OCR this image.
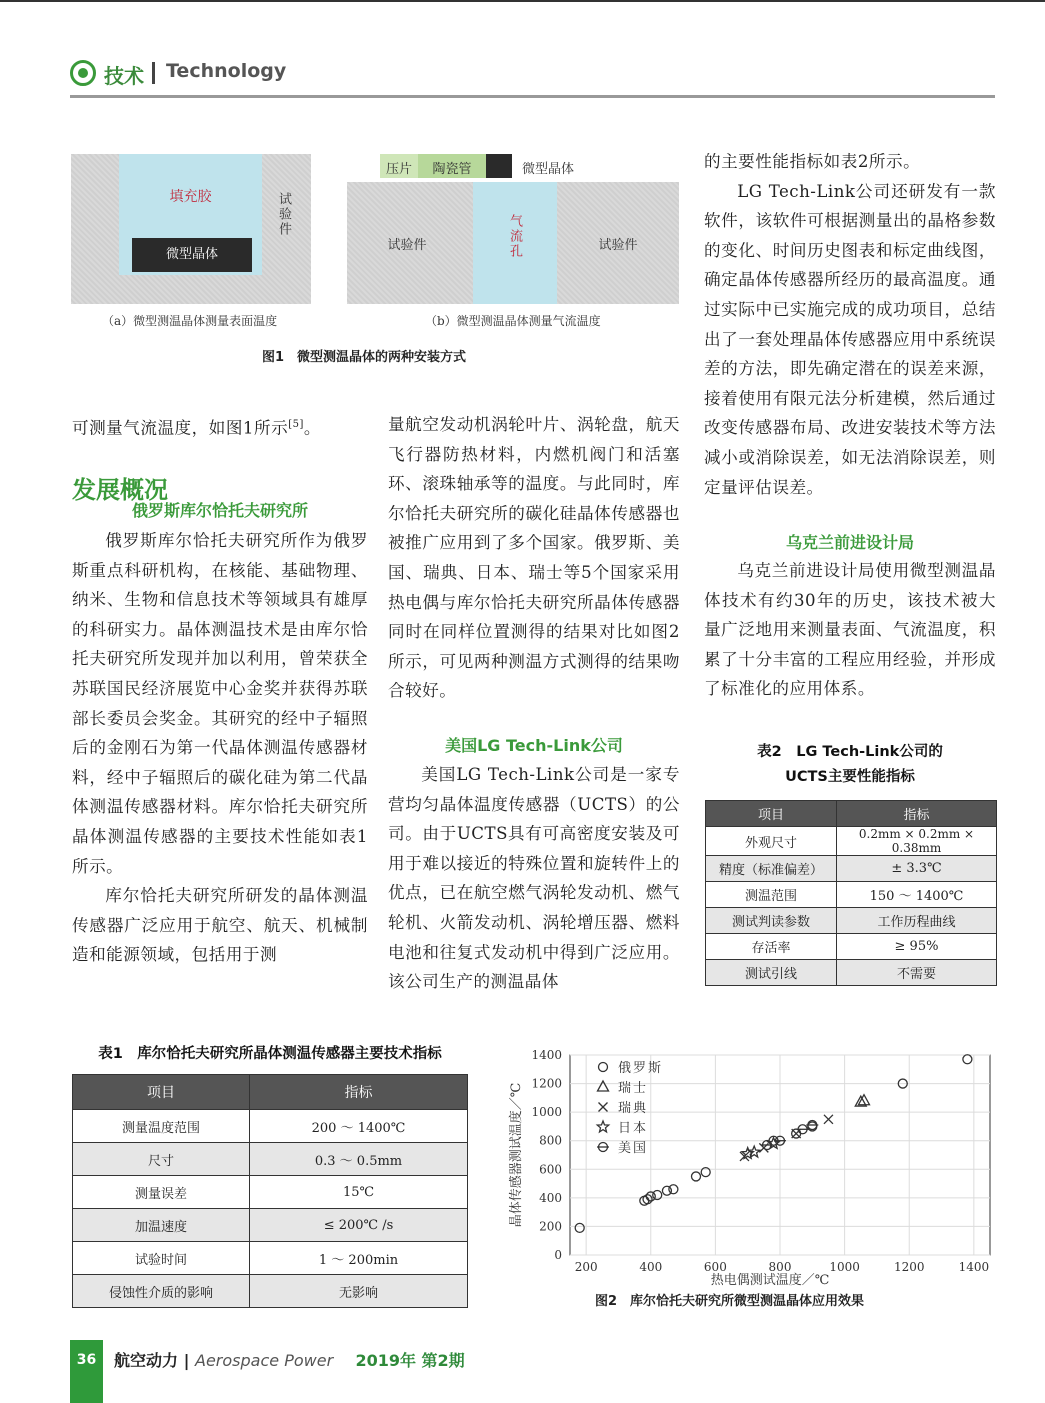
技术 Technology
填充胶
微型晶体
试验件
（a）微型测温晶体测量表面温度
压片	陶瓷管	微型晶体
试验件	气流孔	试验件
（b）微型测温晶体测量气流温度
图1　微型测温晶体的两种安装方式

可测量气流温度，如图1所示[5]。

发展概况
俄罗斯库尔恰托夫研究所

俄罗斯库尔恰托夫研究所作为俄罗斯重点科研机构，在核能、基础物理、纳米、生物和信息技术等领域具有雄厚的科研实力。晶体测温技术是由库尔恰托夫研究所发现并加以利用，曾荣获全苏联国民经济展览中心金奖并获得苏联部长委员会奖金。其研究的经中子辐照后的金刚石为第一代晶体测温传感器材料，经中子辐照后的碳化硅为第二代晶体测温传感器材料。库尔恰托夫研究所晶体测温传感器的主要技术性能如表1所示。

库尔恰托夫研究所研发的晶体测温传感器广泛应用于航空、航天、机械制造和能源领域，包括用于测

量航空发动机涡轮叶片、涡轮盘，航天飞行器防热材料，内燃机阀门和活塞环、滚珠轴承等的温度。与此同时，库尔恰托夫研究所的碳化硅晶体传感器也被推广应用到了多个国家。俄罗斯、美国、瑞典、日本、瑞士等5个国家采用热电偶与库尔恰托夫研究所晶体传感器同时在同样位置测得的结果对比如图2所示，可见两种测温方式测得的结果吻合较好。

美国LG Tech-Link公司

美国LG Tech-Link公司是一家专营均匀晶体温度传感器（UCTS）的公司。由于UCTS具有可高密度安装及可用于难以接近的特殊位置和旋转件上的优点，已在航空燃气涡轮发动机、燃气轮机、火箭发动机、涡轮增压器、燃料电池和往复式发动机中得到广泛应用。该公司生产的测温晶体

的主要性能指标如表2所示。

LG Tech-Link公司还研发有一款软件，该软件可根据测量出的晶格参数的变化、时间历史图表和标定曲线图，确定晶体传感器所经历的最高温度。通过实际中已实施完成的成功项目，总结出了一套处理晶体传感器应用中系统误差的方法，即先确定潜在的误差来源，接着使用有限元法分析建模，然后通过改变传感器布局、改进安装技术等方法减小或消除误差，如无法消除误差，则定量评估误差。

乌克兰前进设计局

乌克兰前进设计局使用微型测温晶体技术有约30年的历史，该技术被大量广泛地用来测量表面、气流温度，积累了十分丰富的工程应用经验，并形成了标准化的应用体系。

表2　LG Tech-Link公司的
UCTS主要性能指标
项目	指标
外观尺寸	0.2mm × 0.2mm × 0.38mm
精度（标准偏差）	± 3.3℃
测温范围	150 ～ 1400℃
测试判读参数	工作历程曲线
存活率	≥ 95%
测试引线	不需要
表1　库尔恰托夫研究所晶体测温传感器主要技术指标
项目	指标
测量温度范围	200 ～ 1400℃
尺寸	0.3 ～ 0.5mm
测量误差	15℃
加温速度	≤ 200℃ /s
试验时间	1 ～ 200min
侵蚀性介质的影响	无影响
200	400	600	800	1000	1200	1400
0
200
400
600
800
1000
1200
1400
俄罗斯
瑞士
瑞典
日本
美国
晶体传感器测试温度／℃
热电偶测试温度／℃
图2　库尔恰托夫研究所微型测温晶体应用效果
36	航空动力 | Aerospace Power 2019年 第2期
